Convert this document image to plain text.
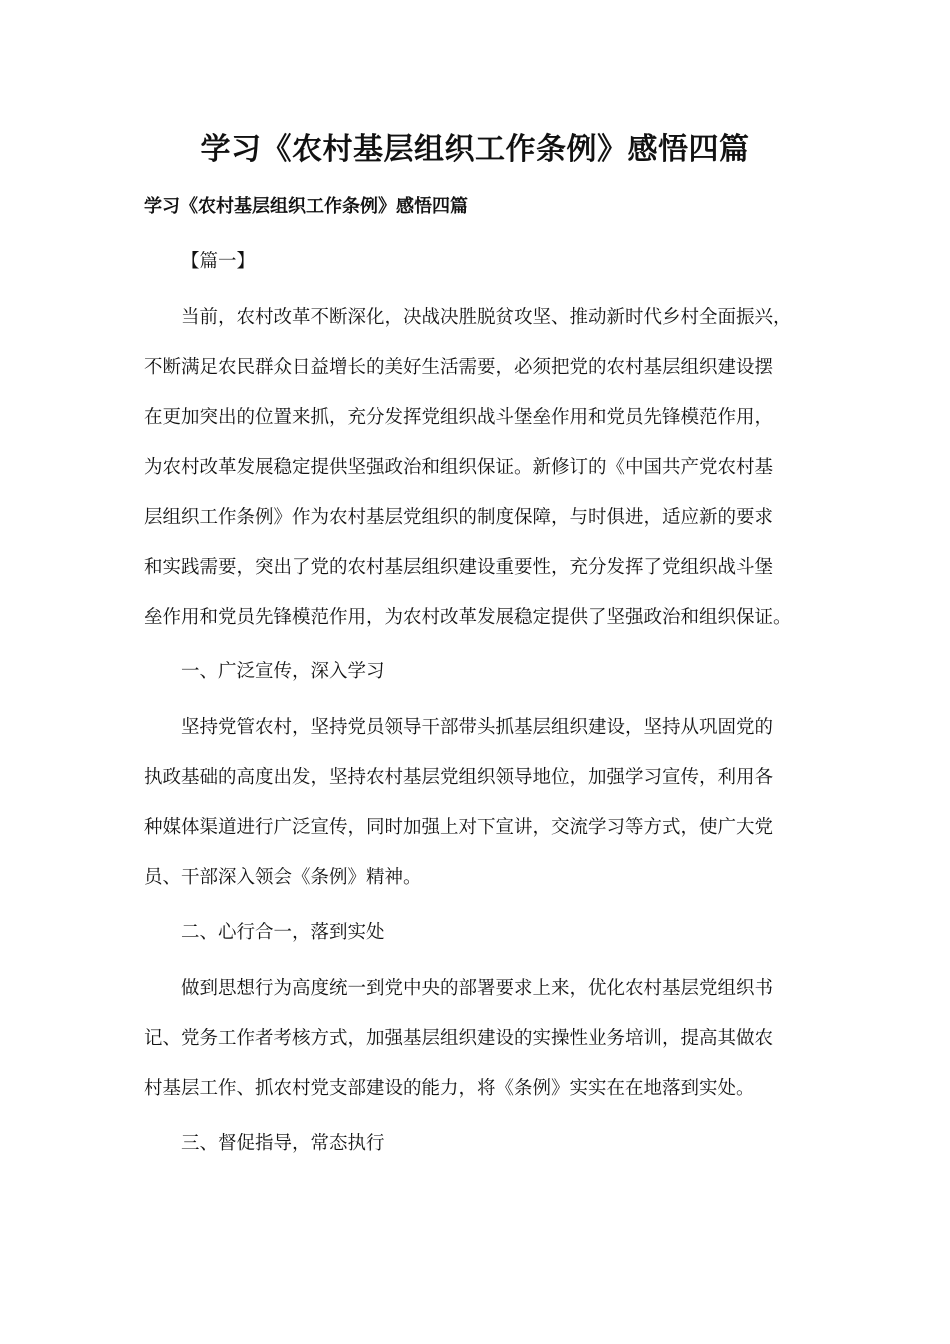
学习《农村基层组织工作条例》感悟四篇
学习《农村基层组织工作条例》感悟四篇
【篇一】
当前，农村改革不断深化，决战决胜脱贫攻坚、推动新时代乡村全面振兴，
不断满足农民群众日益增长的美好生活需要，必须把党的农村基层组织建设摆
在更加突出的位置来抓，充分发挥党组织战斗堡垒作用和党员先锋模范作用，
为农村改革发展稳定提供坚强政治和组织保证。新修订的《中国共产党农村基
层组织工作条例》作为农村基层党组织的制度保障，与时俱进，适应新的要求
和实践需要，突出了党的农村基层组织建设重要性，充分发挥了党组织战斗堡
垒作用和党员先锋模范作用，为农村改革发展稳定提供了坚强政治和组织保证。
一、广泛宣传，深入学习
坚持党管农村，坚持党员领导干部带头抓基层组织建设，坚持从巩固党的
执政基础的高度出发，坚持农村基层党组织领导地位，加强学习宣传，利用各
种媒体渠道进行广泛宣传，同时加强上对下宣讲，交流学习等方式，使广大党
员、干部深入领会《条例》精神。
二、心行合一，落到实处
做到思想行为高度统一到党中央的部署要求上来，优化农村基层党组织书
记、党务工作者考核方式，加强基层组织建设的实操性业务培训，提高其做农
村基层工作、抓农村党支部建设的能力，将《条例》实实在在地落到实处。
三、督促指导，常态执行
